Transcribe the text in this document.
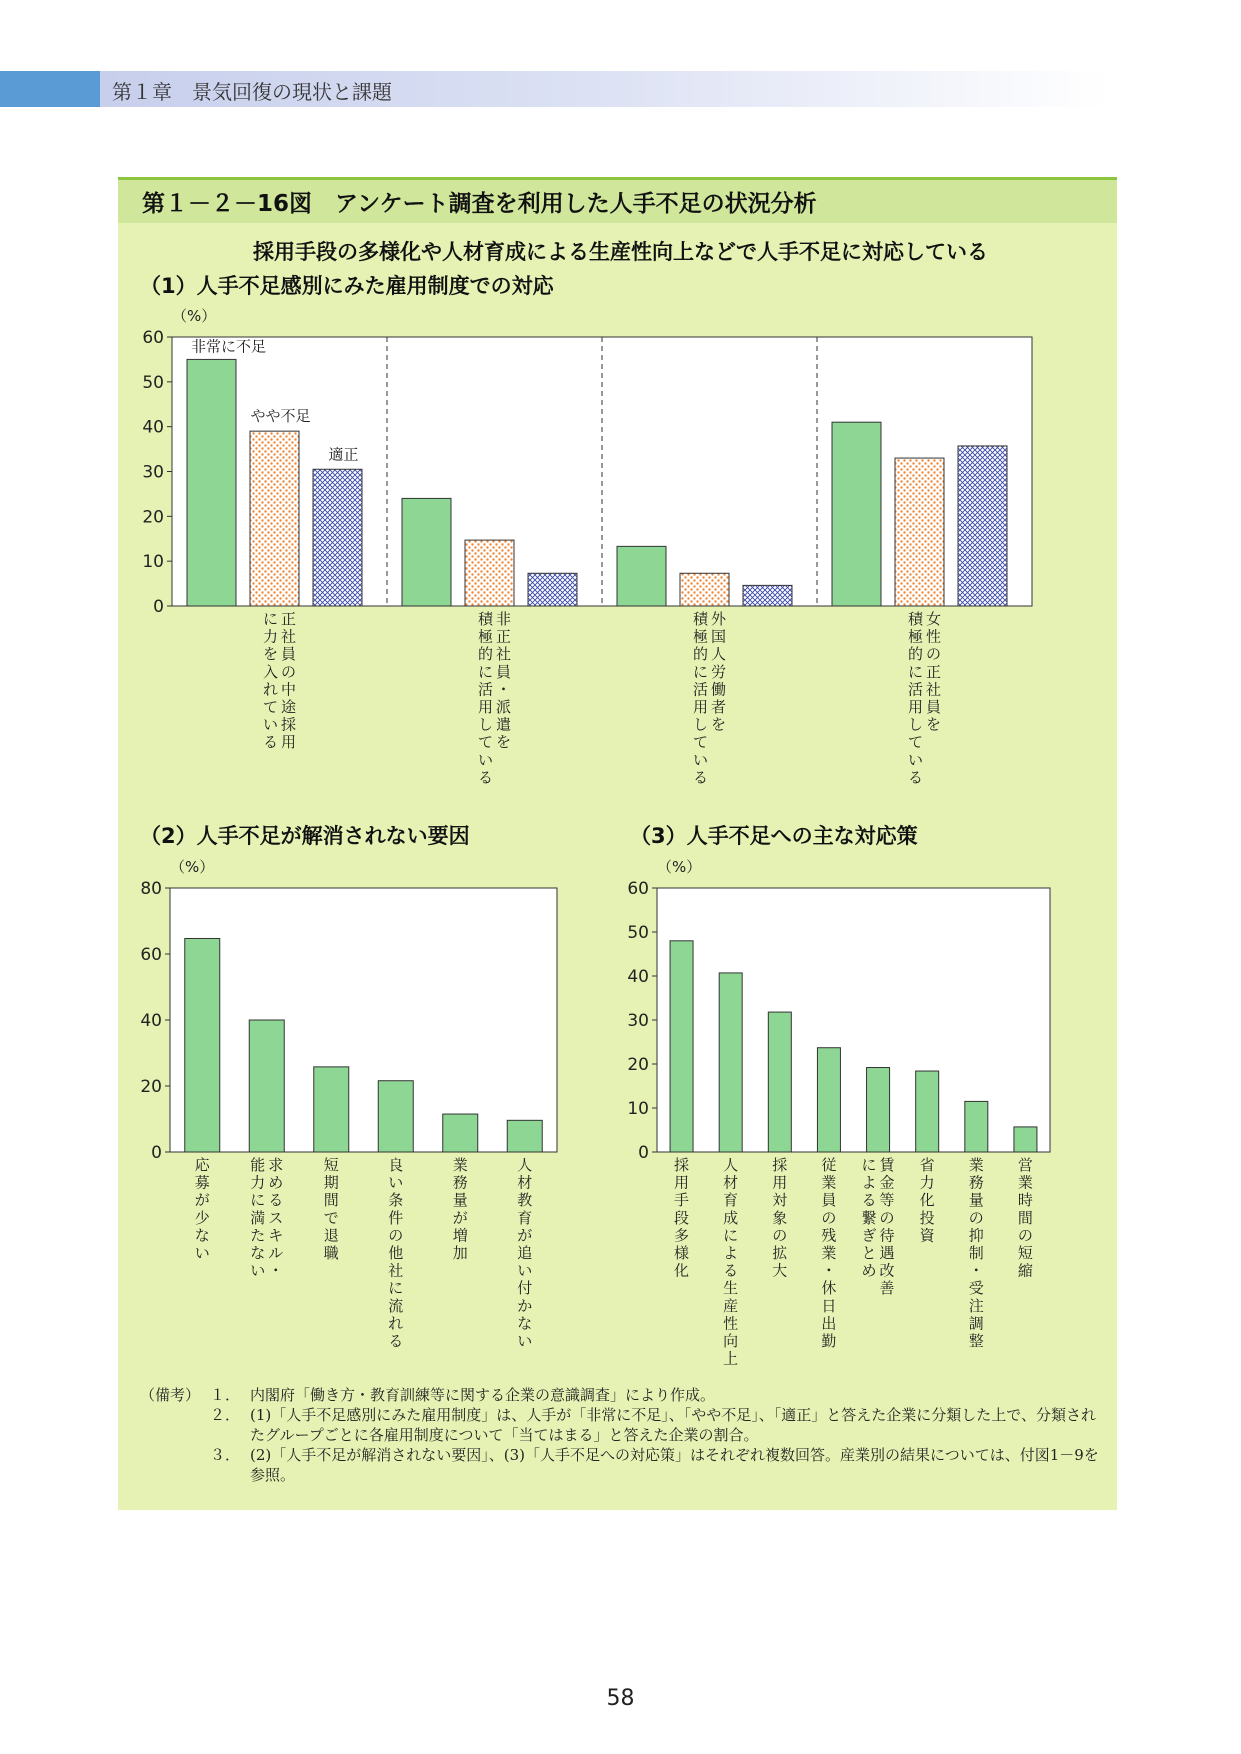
第１章　 景気回復の現状と課題
第１－２－16図　アンケート調査を利用した人手不足の状況分析
採用手段の多様化や人材育成による生産性向上などで人手不足に対応している
（1）人手不足感別にみた雇用制度での対応
（2）人手不足が解消されない要因	（3）人手不足への主な対応策
0
10
20
30
40
50
60
（%）
非常に不足
やや不足
適正
正社員の中途採用
に力を入れている
非正社員・派遣を
積極的に活用している
外国人労働者を
積極的に活用している
女性の正社員を
積極的に活用している
0
20
40
60
80
（%）
応募が少ない
求めるスキル・
能力に満たない
短期間で退職
良い条件の他社に流れる
業務量が増加
人材教育が追い付かない
0
10
20
30
40
50
60
（%）
採用手段多様化
人材育成による生産性向上
採用対象の拡大
従業員の残業・休日出勤
賃金等の待遇改善
による繋ぎとめ
省力化投資
業務量の抑制・受注調整
営業時間の短縮
（備考） １． 内閣府「働き方・教育訓練等に関する企業の意識調査」により作成。
２． (1)「人手不足感別にみた雇用制度」は、人手が「非常に不足」、「やや不足」、「適正」と答えた企業に分類した上で、分類されたグループごとに各雇用制度について「当てはまる」と答えた企業の割合。
３． (2)「人手不足が解消されない要因」、(3)「人手不足への対応策」はそれぞれ複数回答。産業別の結果については、付図1－9を参照。
58
